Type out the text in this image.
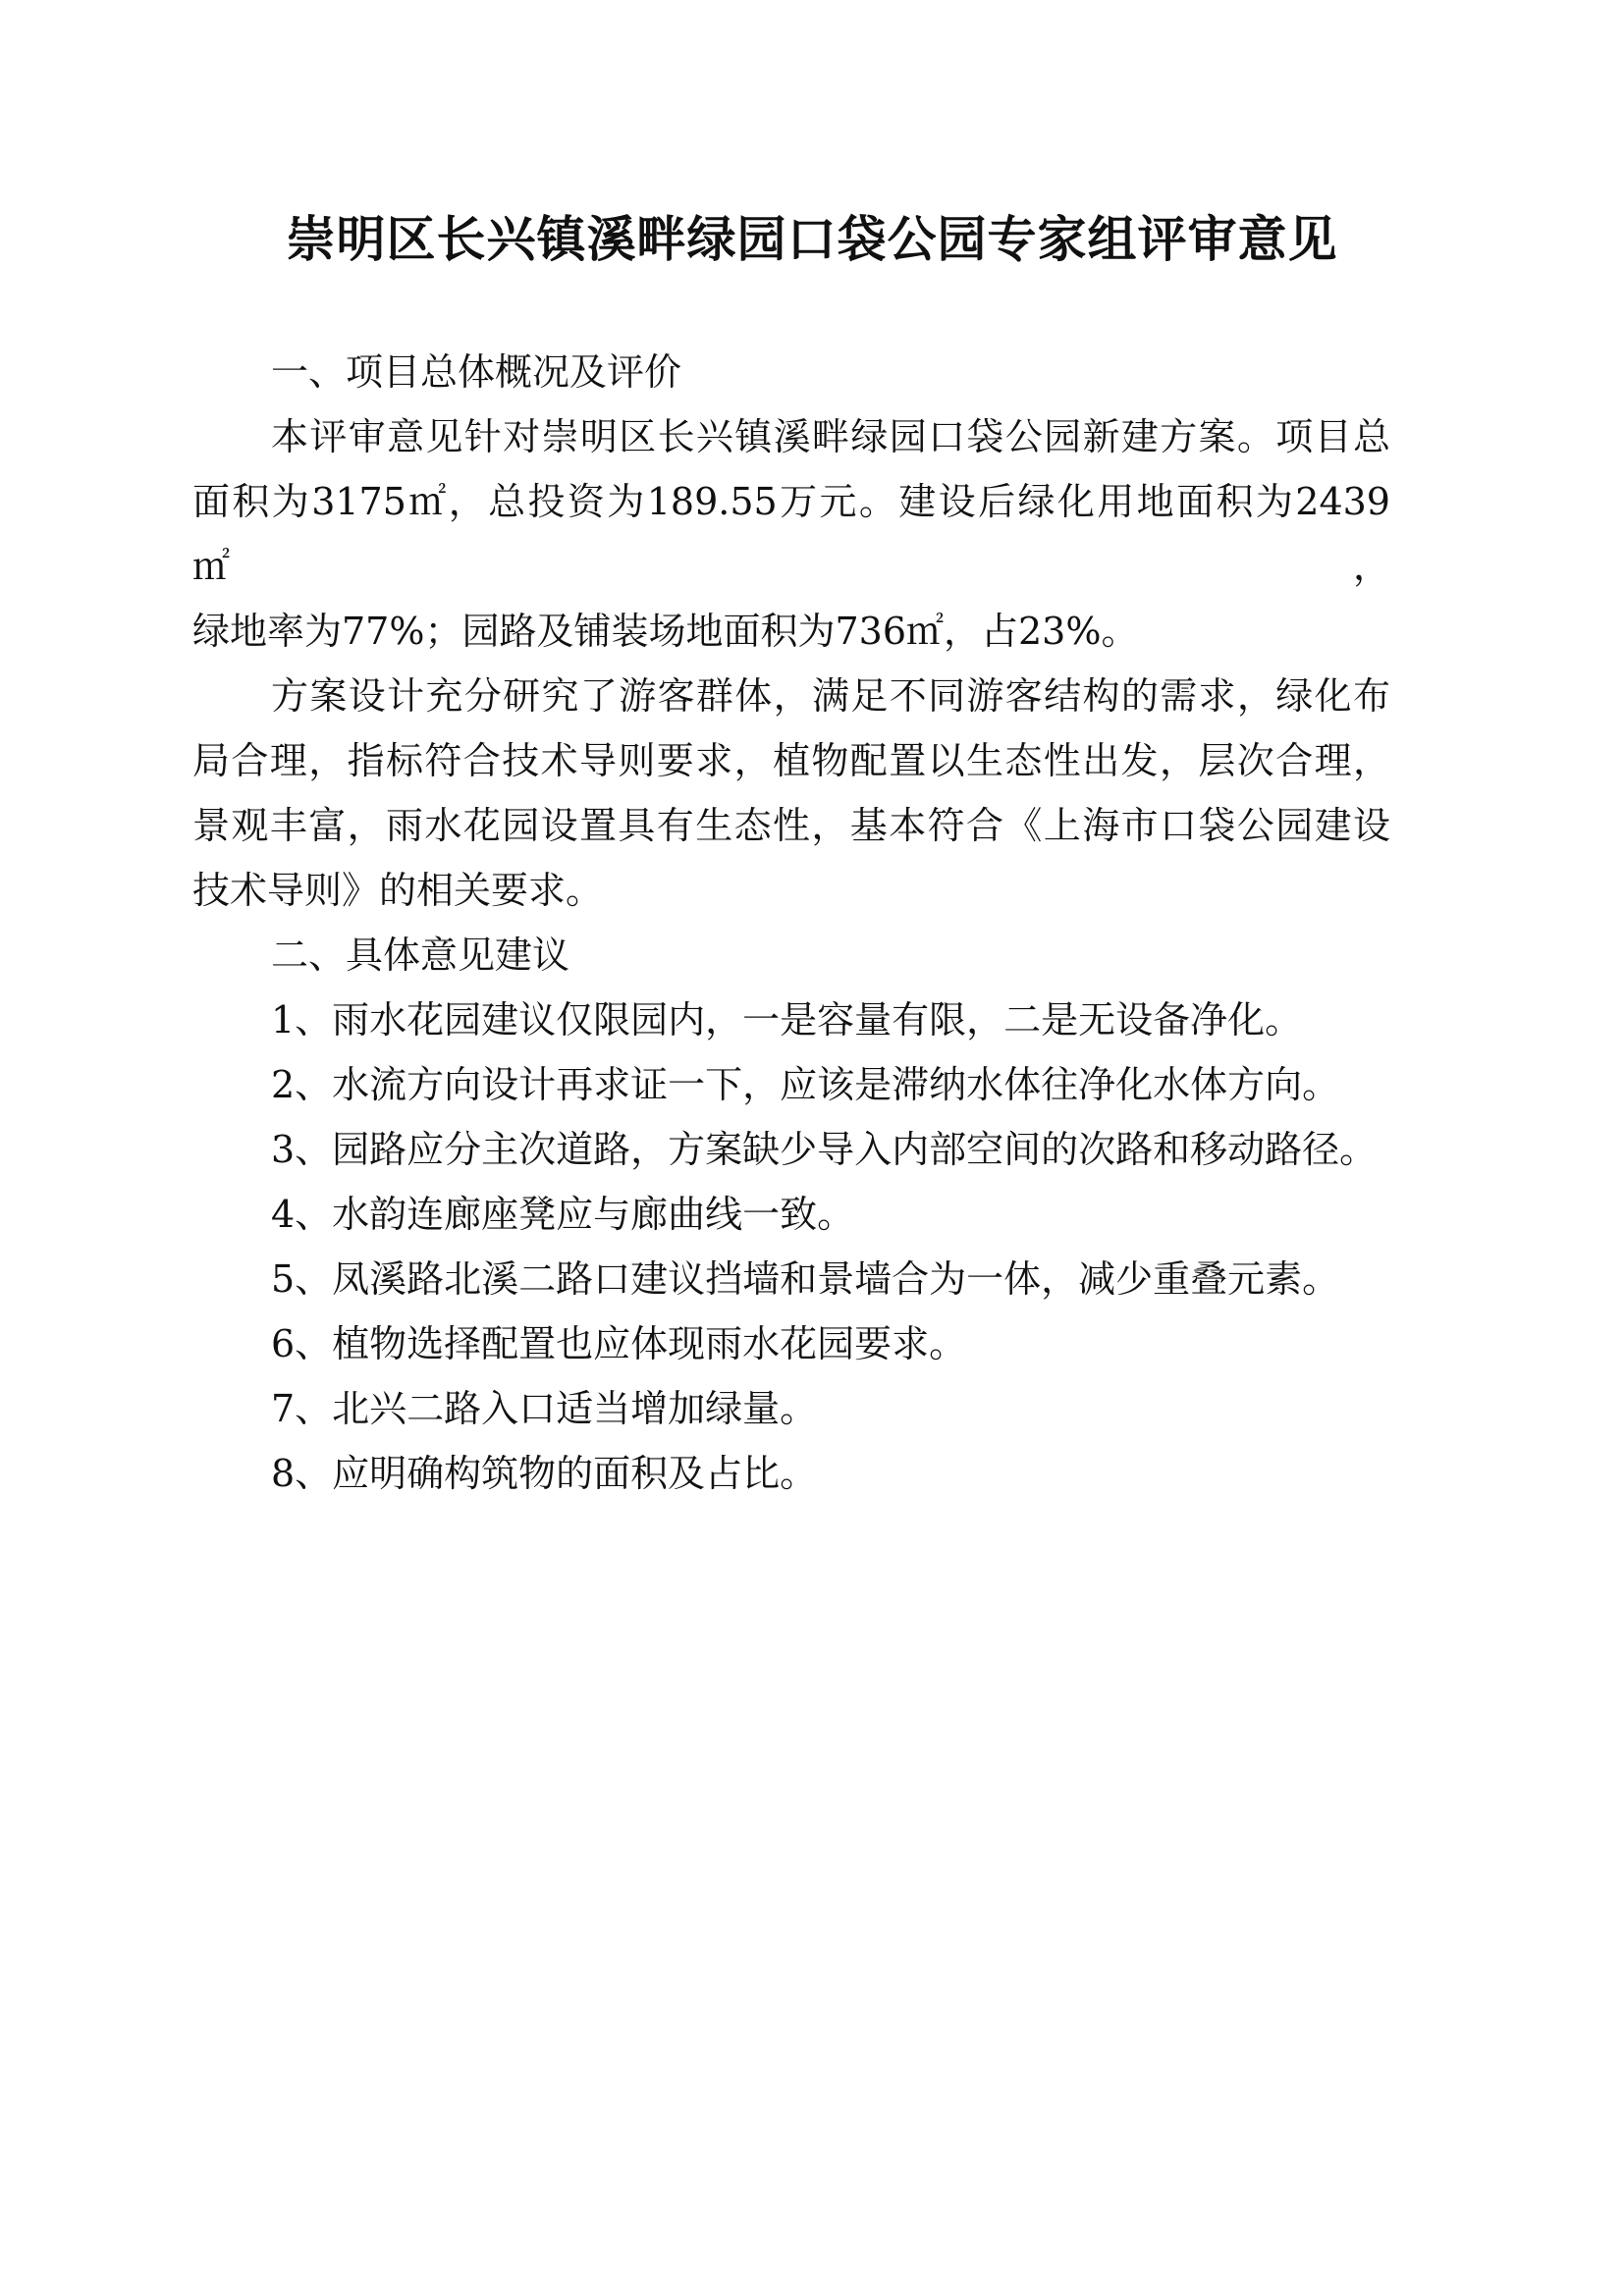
崇明区长兴镇溪畔绿园口袋公园专家组评审意见
一、项目总体概况及评价
本评审意见针对崇明区长兴镇溪畔绿园口袋公园新建方案。项目总
面积为3175㎡，总投资为189.55万元。建设后绿化用地面积为2439㎡，
绿地率为77%；园路及铺装场地面积为736㎡，占23%。
方案设计充分研究了游客群体，满足不同游客结构的需求，绿化布
局合理，指标符合技术导则要求，植物配置以生态性出发，层次合理，
景观丰富，雨水花园设置具有生态性，基本符合《上海市口袋公园建设
技术导则》的相关要求。
二、具体意见建议
1、雨水花园建议仅限园内，一是容量有限，二是无设备净化。
2、水流方向设计再求证一下，应该是滞纳水体往净化水体方向。
3、园路应分主次道路，方案缺少导入内部空间的次路和移动路径。
4、水韵连廊座凳应与廊曲线一致。
5、凤溪路北溪二路口建议挡墙和景墙合为一体，减少重叠元素。
6、植物选择配置也应体现雨水花园要求。
7、北兴二路入口适当增加绿量。
8、应明确构筑物的面积及占比。
